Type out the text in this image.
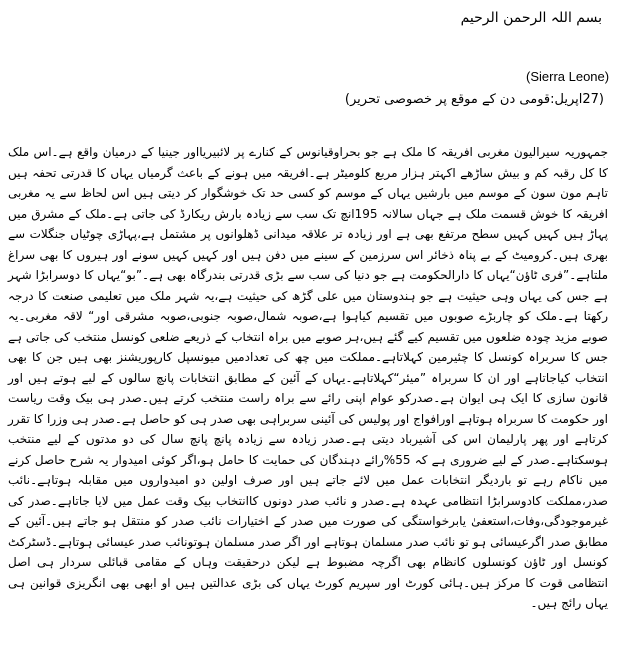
بسم اللہ الرحمن الرحیم
(Sierra Leone)
(27اپریل:قومی دن کے موقع پر خصوصی تحریر)

جمہوریہ سیرالیون مغربی افریقہ کا ملک ہے جو بحراوقیانوس کے کنارے پر لائبیریااور جینیا کے درمیان واقع ہے۔اس ملک کا کل رقبہ کم و بیش ساڑھے اکہتر ہزار مربع کلومیٹر ہے۔افریقہ میں ہونے کے باعث گرمیاں یہاں کا قدرتی تحفہ ہیں تاہم مون سون کے موسم میں بارشیں یہاں کے موسم کو کسی حد تک خوشگوار کر دیتی ہیں اس لحاظ سے یہ مغربی افریقہ کا خوش قسمت ملک ہے جہاں سالانہ 195انچ تک سب سے زیادہ بارش ریکارڈ کی جاتی ہے۔ملک کے مشرق میں پہاڑ ہیں کہیں کہیں سطح مرتفع بھی ہے اور زیادہ تر علاقہ میدانی ڈھلوانوں پر مشتمل ہے،پہاڑی چوٹیاں جنگلات سے بھری ہیں۔کرومیٹ کے بے پناہ ذخائر اس سرزمین کے سینے میں دفن ہیں اور کہیں کہیں سونے اور ہیروں کا بھی سراغ ملتاہے۔”فری ٹاؤن“یہاں کا دارالحکومت ہے جو دنیا کی سب سے بڑی قدرتی بندرگاہ بھی ہے۔”بو“یہاں کا دوسرابڑا شہر ہے جس کی یہاں وہی حیثیت ہے جو ہندوستان میں علی گڑھ کی حیثیت ہے،یہ شہر ملک میں تعلیمی صنعت کا درجہ رکھتا ہے۔ملک کو چاربڑے صوبوں میں تقسیم کیاہوا ہے،صوبہ شمال،صوبہ جنوبی،صوبہ مشرقی اور“ لاقہ مغربی۔یہ صوبے مزید چودہ ضلعوں میں تقسیم کیے گئے ہیں،ہر صوبے میں براہ انتخاب کے ذریعے ضلعی کونسل منتخب کی جاتی ہے جس کا سربراہ کونسل کا چئیرمین کہلاتاہے۔مملکت میں چھ کی تعدادمیں میونسپل کارپوریشنز بھی ہیں جن کا بھی انتخاب کیاجاتاہے اور ان کا سربراہ ”میئر“کہلاتاہے۔یہاں کے آئین کے مطابق انتخابات پانچ سالوں کے لیے ہوتے ہیں اور قانون سازی کا ایک ہی ایوان ہے۔صدرکو عوام اپنی رائے سے براہ راست منتخب کرتے ہیں۔صدر ہی بیک وقت ریاست اور حکومت کا سربراہ ہوتاہے اورافواج اور پولیس کی آئینی سربراہی بھی صدر ہی کو حاصل ہے۔صدر ہی وزرا کا تقرر کرتاہے اور پھر پارلیمان اس کی آشیرباد دیتی ہے۔صدر زیادہ سے زیادہ پانچ پانچ سال کی دو مدتوں کے لیے منتخب ہوسکتاہے۔صدر کے لیے ضروری ہے کہ 55%رائے دہندگان کی حمایت کا حامل ہو،اگر کوئی امیدوار یہ شرح حاصل کرنے میں ناکام رہے تو باردیگر انتخابات عمل میں لائے جاتے ہیں اور صرف اولین دو امیدواروں میں مقابلہ ہوتاہے۔نائب صدر،مملکت کادوسرابڑا انتظامی عہدہ ہے۔صدر و نائب صدر دونوں کاانتخاب بیک وقت عمل میں لایا جاتاہے۔صدر کی غیرموجودگی،وفات،استعفیٰ یابرخواستگی کی صورت میں صدر کے اختیارات نائب صدر کو منتقل ہو جاتے ہیں۔آئین کے مطابق صدر اگرعیسائی ہو تو نائب صدر مسلمان ہوتاہے اور اگر صدر مسلمان ہوتونائب صدر عیسائی ہوتاہے۔ڈسٹرکٹ کونسل اور ٹاؤن کونسلوں کانظام بھی اگرچہ مضبوط ہے لیکن درحقیقت وہاں کے مقامی قبائلی سردار ہی اصل انتظامی قوت کا مرکز ہیں۔ہائی کورٹ اور سپریم کورٹ یہاں کی بڑی عدالتیں ہیں او ابھی بھی انگریزی قوانین ہی یہاں رائج ہیں۔
